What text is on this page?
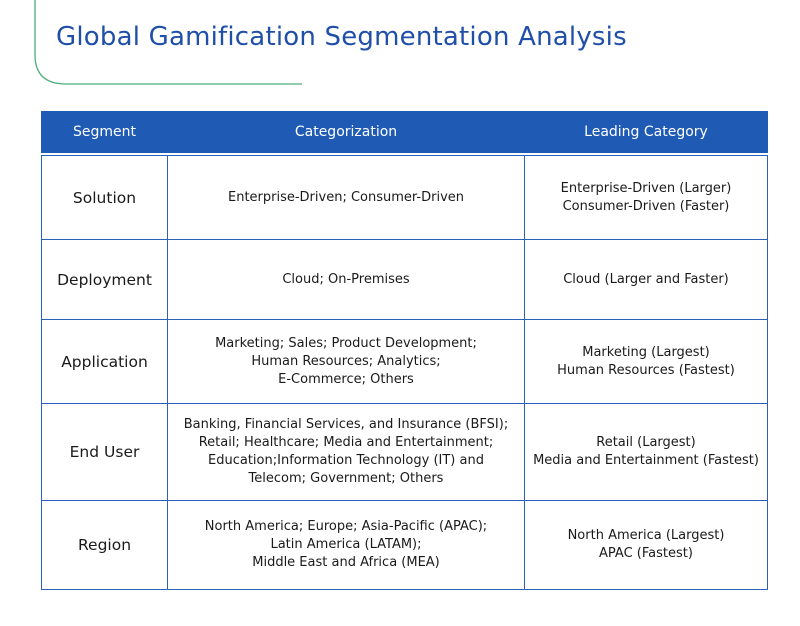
Global Gamification Segmentation Analysis
Segment	Categorization	Leading Category

Solution	Enterprise-Driven; Consumer-Driven	Enterprise-Driven (Larger)
Consumer-Driven (Faster)

Deployment	Cloud; On-Premises	Cloud (Larger and Faster)

Application	Marketing; Sales; Product Development;
Human Resources; Analytics;
E-Commerce; Others	Marketing (Largest)
Human Resources (Fastest)

End User	Banking, Financial Services, and Insurance (BFSI);
Retail; Healthcare; Media and Entertainment;
Education;Information Technology (IT) and
Telecom; Government; Others	Retail (Largest)
Media and Entertainment (Fastest)

Region	North America; Europe; Asia-Pacific (APAC);
Latin America (LATAM);
Middle East and Africa (MEA)	North America (Largest)
APAC (Fastest)
